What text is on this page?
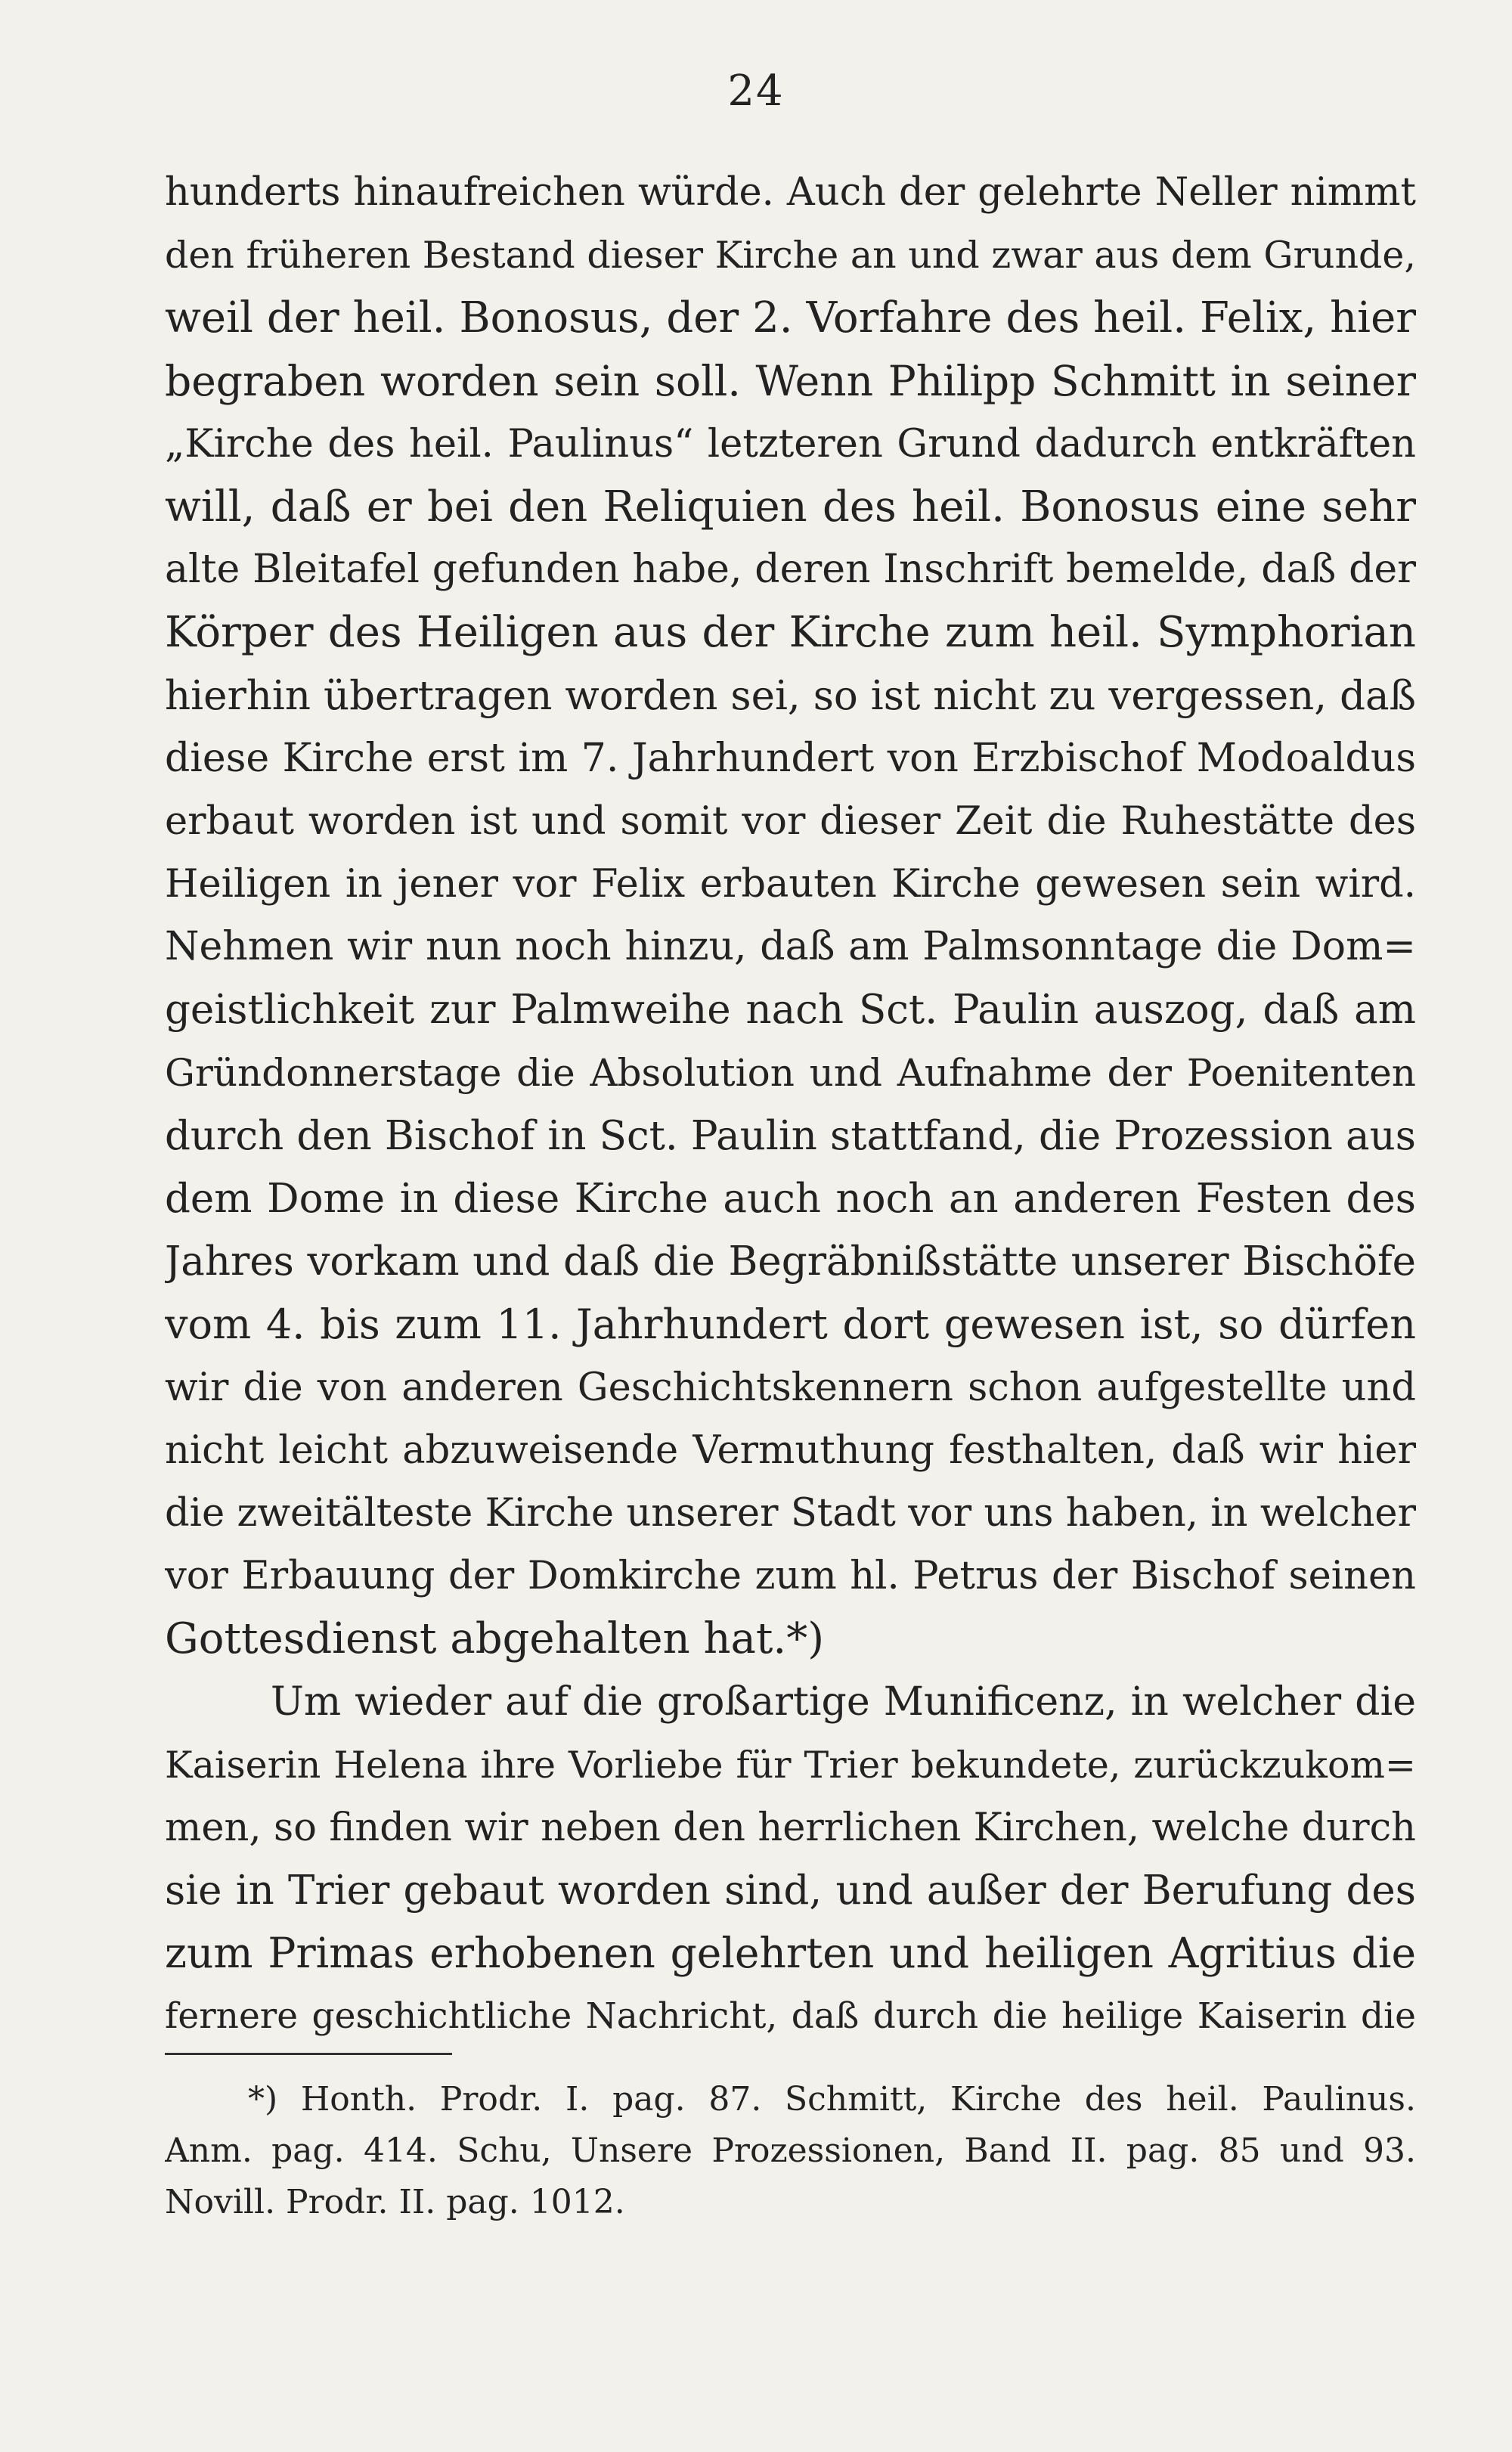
24
hunderts hinaufreichen würde. Auch der gelehrte Neller nimmt
den früheren Bestand dieser Kirche an und zwar aus dem Grunde,
weil der heil. Bonosus, der 2. Vorfahre des heil. Felix, hier
begraben worden sein soll. Wenn Philipp Schmitt in seiner
„Kirche des heil. Paulinus“ letzteren Grund dadurch entkräften
will, daß er bei den Reliquien des heil. Bonosus eine sehr
alte Bleitafel gefunden habe, deren Inschrift bemelde, daß der
Körper des Heiligen aus der Kirche zum heil. Symphorian
hierhin übertragen worden sei, so ist nicht zu vergessen, daß
diese Kirche erst im 7. Jahrhundert von Erzbischof Modoaldus
erbaut worden ist und somit vor dieser Zeit die Ruhestätte des
Heiligen in jener vor Felix erbauten Kirche gewesen sein wird.
Nehmen wir nun noch hinzu, daß am Palmsonntage die Dom=
geistlichkeit zur Palmweihe nach Sct. Paulin auszog, daß am
Gründonnerstage die Absolution und Aufnahme der Poenitenten
durch den Bischof in Sct. Paulin stattfand, die Prozession aus
dem Dome in diese Kirche auch noch an anderen Festen des
Jahres vorkam und daß die Begräbnißstätte unserer Bischöfe
vom 4. bis zum 11. Jahrhundert dort gewesen ist, so dürfen
wir die von anderen Geschichtskennern schon aufgestellte und
nicht leicht abzuweisende Vermuthung festhalten, daß wir hier
die zweitälteste Kirche unserer Stadt vor uns haben, in welcher
vor Erbauung der Domkirche zum hl. Petrus der Bischof seinen
Gottesdienst abgehalten hat.*)
Um wieder auf die großartige Munificenz, in welcher die
Kaiserin Helena ihre Vorliebe für Trier bekundete, zurückzukom=
men, so finden wir neben den herrlichen Kirchen, welche durch
sie in Trier gebaut worden sind, und außer der Berufung des
zum Primas erhobenen gelehrten und heiligen Agritius die
fernere geschichtliche Nachricht, daß durch die heilige Kaiserin die
*) Honth. Prodr. I. pag. 87. Schmitt, Kirche des heil. Paulinus.
Anm. pag. 414. Schu, Unsere Prozessionen, Band II. pag. 85 und 93.
Novill. Prodr. II. pag. 1012.
